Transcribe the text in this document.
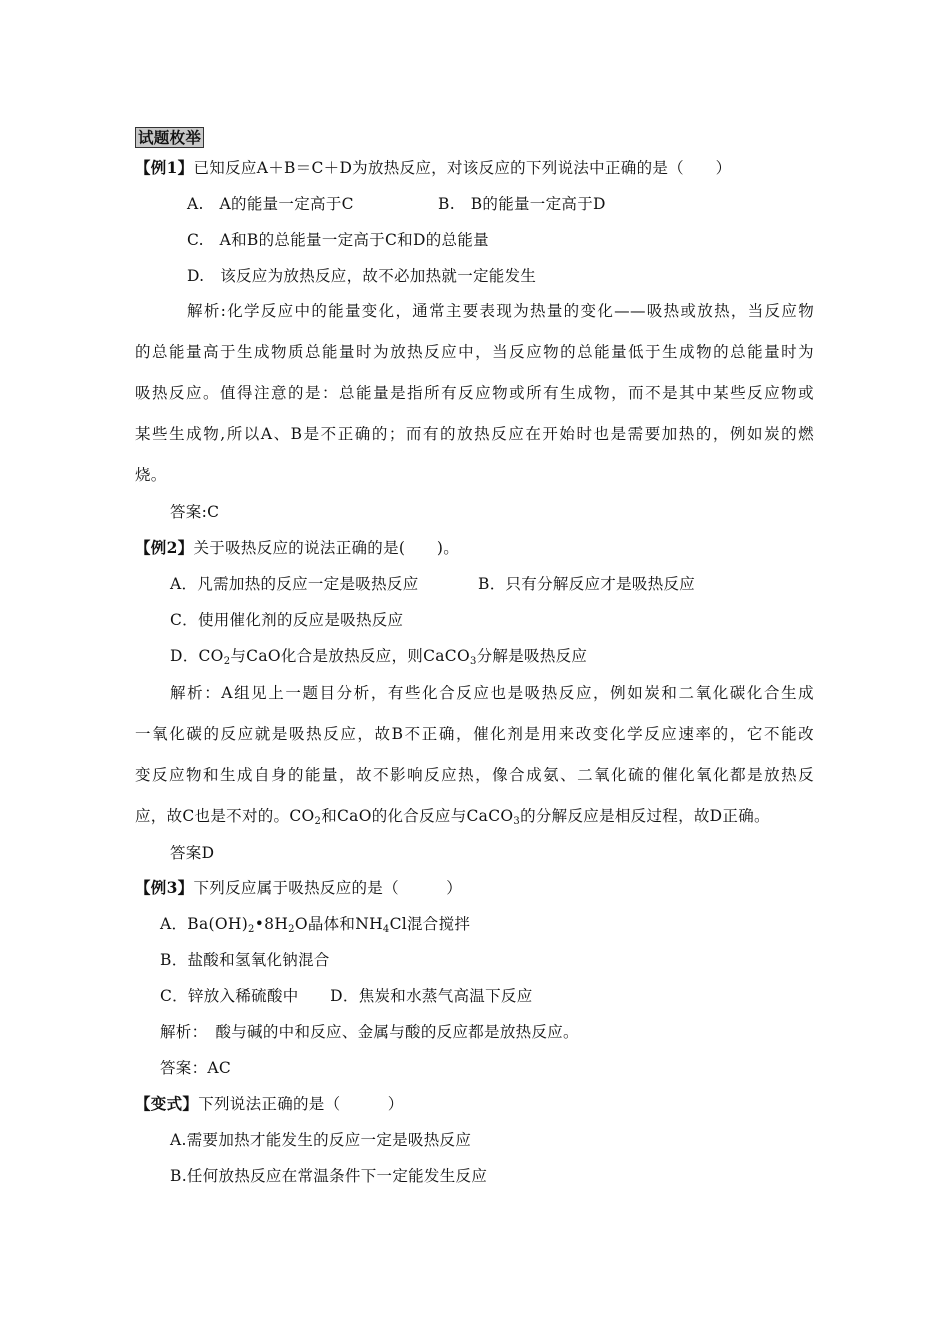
试题枚举
【例1】已知反应A＋B＝C＋D为放热反应，对该反应的下列说法中正确的是（　　）
A.　A的能量一定高于C	B.　B的能量一定高于D
C.　A和B的总能量一定高于C和D的总能量
D.　该反应为放热反应，故不必加热就一定能发生
解析:化学反应中的能量变化，通常主要表现为热量的变化——吸热或放热，当反应物
的总能量高于生成物质总能量时为放热反应中，当反应物的总能量低于生成物的总能量时为
吸热反应。值得注意的是：总能量是指所有反应物或所有生成物，而不是其中某些反应物或
某些生成物,所以A、B是不正确的；而有的放热反应在开始时也是需要加热的，例如炭的燃
烧。
答案:C
【例2】关于吸热反应的说法正确的是(　　)。
A．凡需加热的反应一定是吸热反应	B．只有分解反应才是吸热反应
C．使用催化剂的反应是吸热反应
D．$CO_2$与CaO化合是放热反应，则CaCO$_3$分解是吸热反应
解析：A组见上一题目分析，有些化合反应也是吸热反应，例如炭和二氧化碳化合生成
一氧化碳的反应就是吸热反应，故B不正确，催化剂是用来改变化学反应速率的，它不能改
变反应物和生成自身的能量，故不影响反应热，像合成氨、二氧化硫的催化氧化都是放热反
应，故C也是不对的。$CO_2$和CaO的化合反应与CaCO$_3$的分解反应是相反过程，故D正确。
答案D
【例3】下列反应属于吸热反应的是（　　　）
A．$Ba(OH)_2•8H_2O$晶体和$NH_4Cl$混合搅拌
B．盐酸和氢氧化钠混合
C．锌放入稀硫酸中　　D．焦炭和水蒸气高温下反应
解析：　酸与碱的中和反应、金属与酸的反应都是放热反应。
答案：AC
【变式】下列说法正确的是（　　　）
A.需要加热才能发生的反应一定是吸热反应
B.任何放热反应在常温条件下一定能发生反应
